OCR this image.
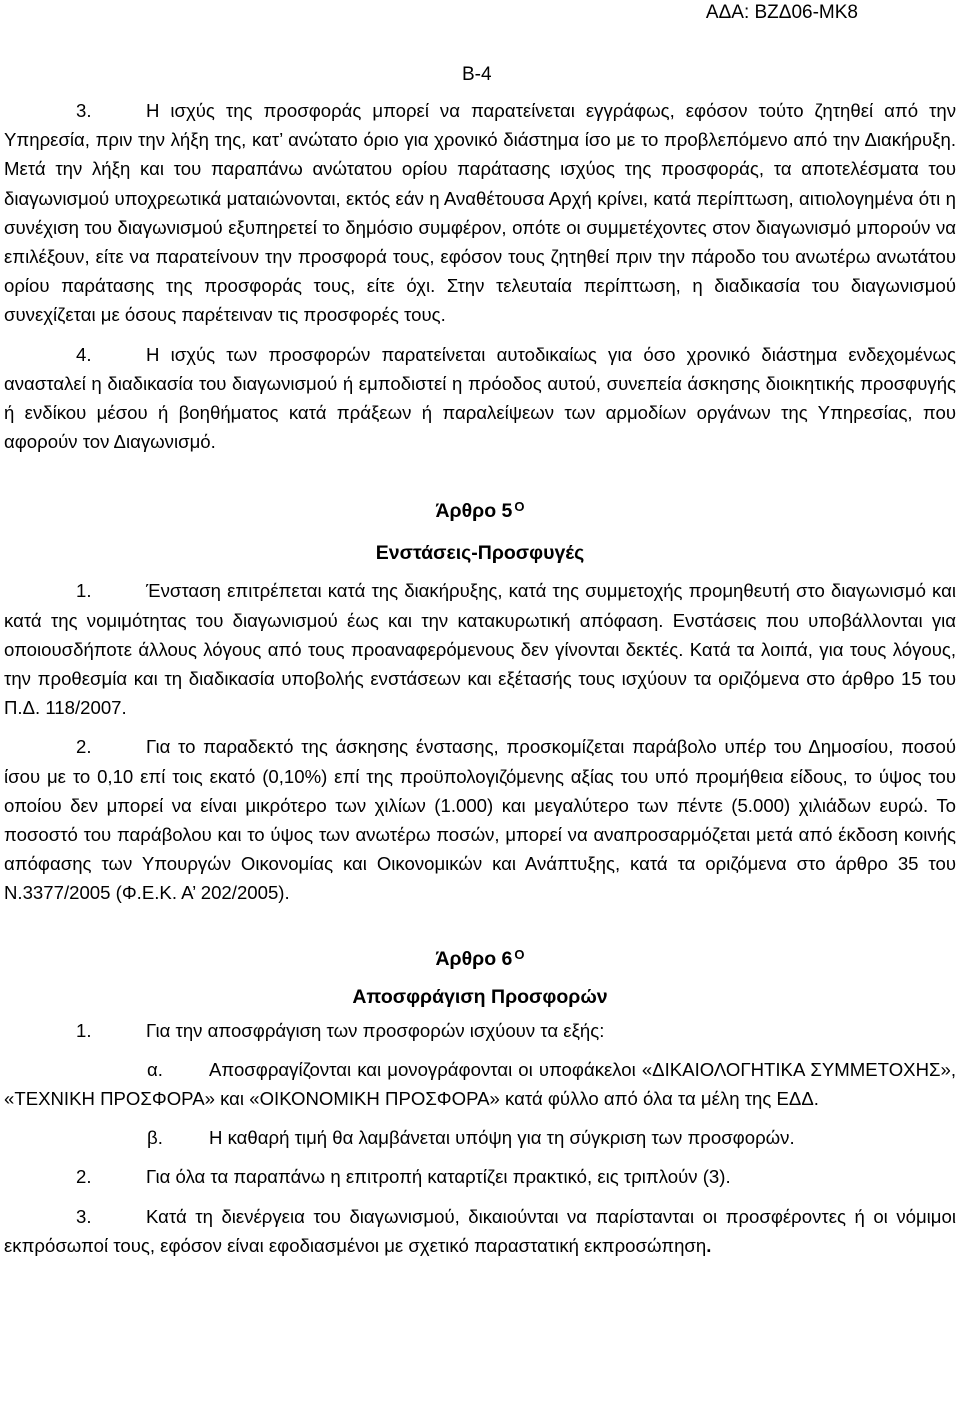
ΑΔΑ: ΒΖΔ06-ΜΚ8
Β-4

3.	Η ισχύς της προσφοράς μπορεί να παρατείνεται εγγράφως, εφόσον τούτο ζητηθεί από την Υπηρεσία, πριν την λήξη της, κατ’ ανώτατο όριο για χρονικό διάστημα ίσο με το προβλεπόμενο από την Διακήρυξη. Μετά την λήξη και του παραπάνω ανώτατου ορίου παράτασης ισχύος της προσφοράς, τα αποτελέσματα του διαγωνισμού υποχρεωτικά ματαιώνονται, εκτός εάν η Αναθέτουσα Αρχή κρίνει, κατά περίπτωση, αιτιολογημένα ότι η συνέχιση του διαγωνισμού εξυπηρετεί το δημόσιο συμφέρον, οπότε οι συμμετέχοντες στον διαγωνισμό μπορούν να επιλέξουν, είτε να παρατείνουν την προσφορά τους, εφόσον τους ζητηθεί πριν την πάροδο του ανωτέρω ανωτάτου ορίου παράτασης της προσφοράς τους, είτε όχι. Στην τελευταία περίπτωση, η διαδικασία του διαγωνισμού συνεχίζεται με όσους παρέτειναν τις προσφορές τους.

4.	Η ισχύς των προσφορών παρατείνεται αυτοδικαίως για όσο χρονικό διάστημα ενδεχομένως ανασταλεί η διαδικασία του διαγωνισμού ή εμποδιστεί η πρόοδος αυτού, συνεπεία άσκησης διοικητικής προσφυγής ή ενδίκου μέσου ή βοηθήματος κατά πράξεων ή παραλείψεων των αρμοδίων οργάνων της Υπηρεσίας, που αφορούν τον Διαγωνισμό.

Άρθρο 5 $^O$

Ενστάσεις-Προσφυγές

1.	Ένσταση επιτρέπεται κατά της διακήρυξης, κατά της συμμετοχής προμηθευτή στο διαγωνισμό και κατά της νομιμότητας του διαγωνισμού έως και την κατακυρωτική απόφαση. Ενστάσεις που υποβάλλονται για οποιουσδήποτε άλλους λόγους από τους προαναφερόμενους δεν γίνονται δεκτές. Κατά τα λοιπά, για τους λόγους, την προθεσμία και τη διαδικασία υποβολής ενστάσεων και εξέτασής τους ισχύουν τα οριζόμενα στο άρθρο 15 του Π.Δ. 118/2007.

2.	Για το παραδεκτό της άσκησης ένστασης, προσκομίζεται παράβολο υπέρ του Δημοσίου, ποσού ίσου με το 0,10 επί τοις εκατό (0,10%) επί της προϋπολογιζόμενης αξίας του υπό προμήθεια είδους, το ύψος του οποίου δεν μπορεί να είναι μικρότερο των χιλίων (1.000) και μεγαλύτερο των πέντε (5.000) χιλιάδων ευρώ. Το ποσοστό του παράβολου και το ύψος των ανωτέρω ποσών, μπορεί να αναπροσαρμόζεται μετά από έκδοση κοινής απόφασης των Υπουργών Οικονομίας και Οικονομικών και Ανάπτυξης, κατά τα οριζόμενα στο άρθρο 35 του Ν.3377/2005 (Φ.Ε.Κ. Α’ 202/2005).

Άρθρο 6 $^O$

Αποσφράγιση Προσφορών

1.	Για την αποσφράγιση των προσφορών ισχύουν τα εξής:

α. Αποσφραγίζονται και μονογράφονται οι υποφάκελοι «ΔΙΚΑΙΟΛΟΓΗΤΙΚΑ ΣΥΜΜΕΤΟΧΗΣ», «ΤΕΧΝΙΚΗ ΠΡΟΣΦΟΡΑ» και «ΟΙΚΟΝΟΜΙΚΗ ΠΡΟΣΦΟΡΑ» κατά φύλλο από όλα τα μέλη της ΕΔΔ.

β. Η καθαρή τιμή θα λαμβάνεται υπόψη για τη σύγκριση των προσφορών.

2.	Για όλα τα παραπάνω η επιτροπή καταρτίζει πρακτικό, εις τριπλούν (3).

3.	Κατά τη διενέργεια του διαγωνισμού, δικαιούνται να παρίστανται οι προσφέροντες ή οι νόμιμοι εκπρόσωποί τους, εφόσον είναι εφοδιασμένοι με σχετικό παραστατική εκπροσώπηση.
